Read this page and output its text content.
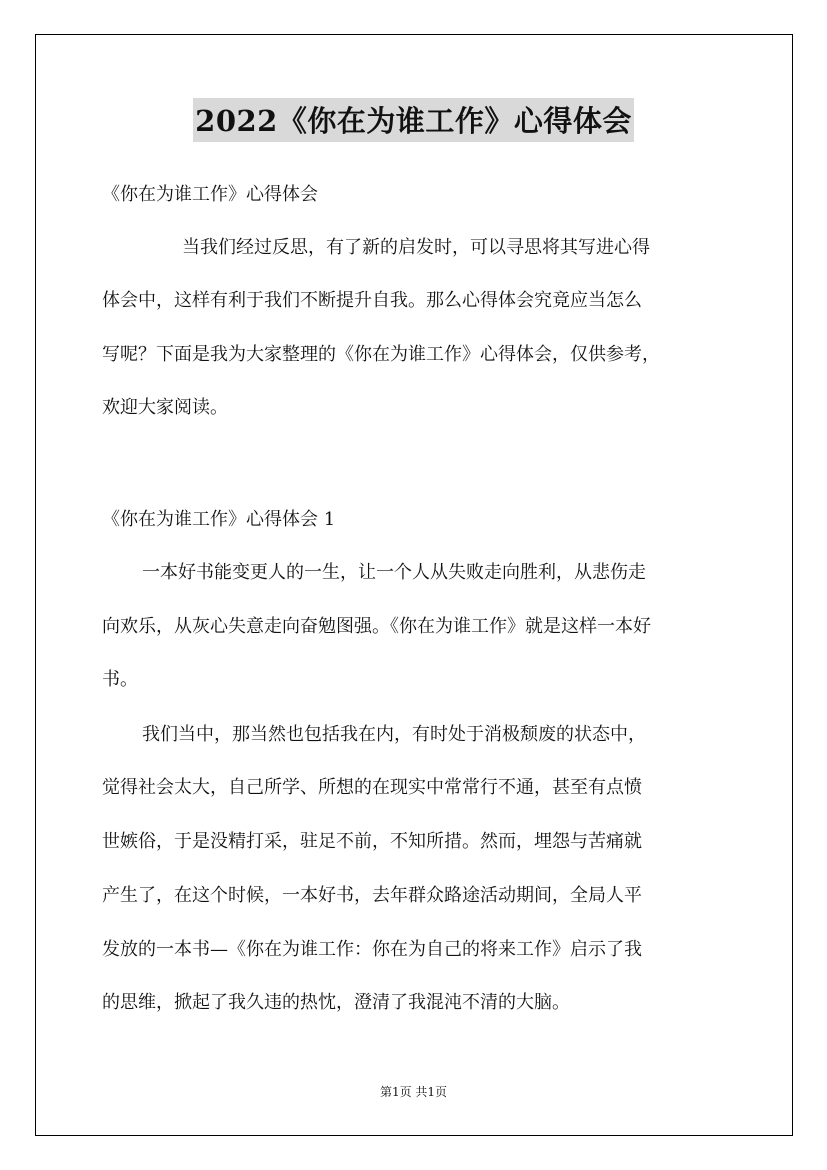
2022《你在为谁工作》心得体会
《你在为谁工作》心得体会
当我们经过反思，有了新的启发时，可以寻思将其写进心得
体会中，这样有利于我们不断提升自我。那么心得体会究竟应当怎么
写呢？下面是我为大家整理的《你在为谁工作》心得体会，仅供参考，
欢迎大家阅读。
《你在为谁工作》心得体会 1
一本好书能变更人的一生，让一个人从失败走向胜利，从悲伤走
向欢乐，从灰心失意走向奋勉图强。《你在为谁工作》就是这样一本好
书。
我们当中，那当然也包括我在内，有时处于消极颓废的状态中，
觉得社会太大，自己所学、所想的在现实中常常行不通，甚至有点愤
世嫉俗，于是没精打采，驻足不前，不知所措。然而，埋怨与苦痛就
产生了，在这个时候，一本好书，去年群众路途活动期间，全局人平
发放的一本书—《你在为谁工作：你在为自己的将来工作》启示了我
的思维，掀起了我久违的热忱，澄清了我混沌不清的大脑。
第1页 共1页
